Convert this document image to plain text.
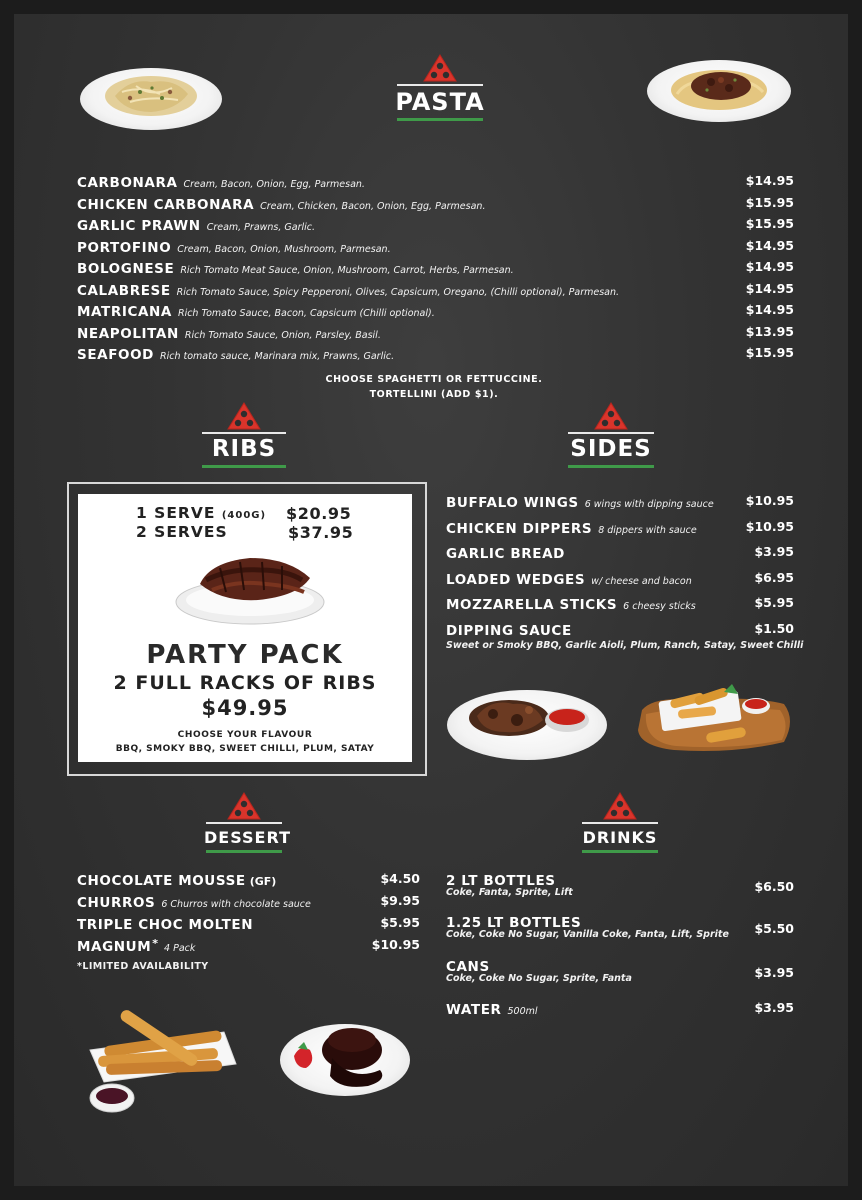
PASTA
CARBONARA Cream, Bacon, Onion, Egg, Parmesan.	$14.95
CHICKEN CARBONARA Cream, Chicken, Bacon, Onion, Egg, Parmesan.	$15.95
GARLIC PRAWN Cream, Prawns, Garlic.	$15.95
PORTOFINO Cream, Bacon, Onion, Mushroom, Parmesan.	$14.95
BOLOGNESE Rich Tomato Meat Sauce, Onion, Mushroom, Carrot, Herbs, Parmesan.	$14.95
CALABRESE Rich Tomato Sauce, Spicy Pepperoni, Olives, Capsicum, Oregano, (Chilli optional), Parmesan.	$14.95
MATRICANA Rich Tomato Sauce, Bacon, Capsicum (Chilli optional).	$14.95
NEAPOLITAN Rich Tomato Sauce, Onion, Parsley, Basil.	$13.95
SEAFOOD Rich tomato sauce, Marinara mix, Prawns, Garlic.	$15.95
CHOOSE SPAGHETTI OR FETTUCCINE.
TORTELLINI (ADD $1).
RIBS
1 SERVE (400G) $20.95
2 SERVES	$37.95
PARTY PACK
2 FULL RACKS OF RIBS
$49.95
CHOOSE YOUR FLAVOUR
BBQ, SMOKY BBQ, SWEET CHILLI, PLUM, SATAY
SIDES
BUFFALO WINGS 6 wings with dipping sauce	$10.95
CHICKEN DIPPERS 8 dippers with sauce	$10.95
GARLIC BREAD	$3.95
LOADED WEDGES w/ cheese and bacon	$6.95
MOZZARELLA STICKS 6 cheesy sticks	$5.95
DIPPING SAUCE	$1.50
Sweet or Smoky BBQ, Garlic Aioli, Plum, Ranch, Satay, Sweet Chilli
DESSERT
CHOCOLATE MOUSSE (GF)	$4.50
CHURROS 6 Churros with chocolate sauce	$9.95
TRIPLE CHOC MOLTEN	$5.95
MAGNUM* 4 Pack	$10.95
*LIMITED AVAILABILITY
DRINKS
2 LT BOTTLES
Coke, Fanta, Sprite, Lift	$6.50
1.25 LT BOTTLES
Coke, Coke No Sugar, Vanilla Coke, Fanta, Lift, Sprite $5.50
CANS
Coke, Coke No Sugar, Sprite, Fanta	$3.95
WATER 500ml	$3.95
